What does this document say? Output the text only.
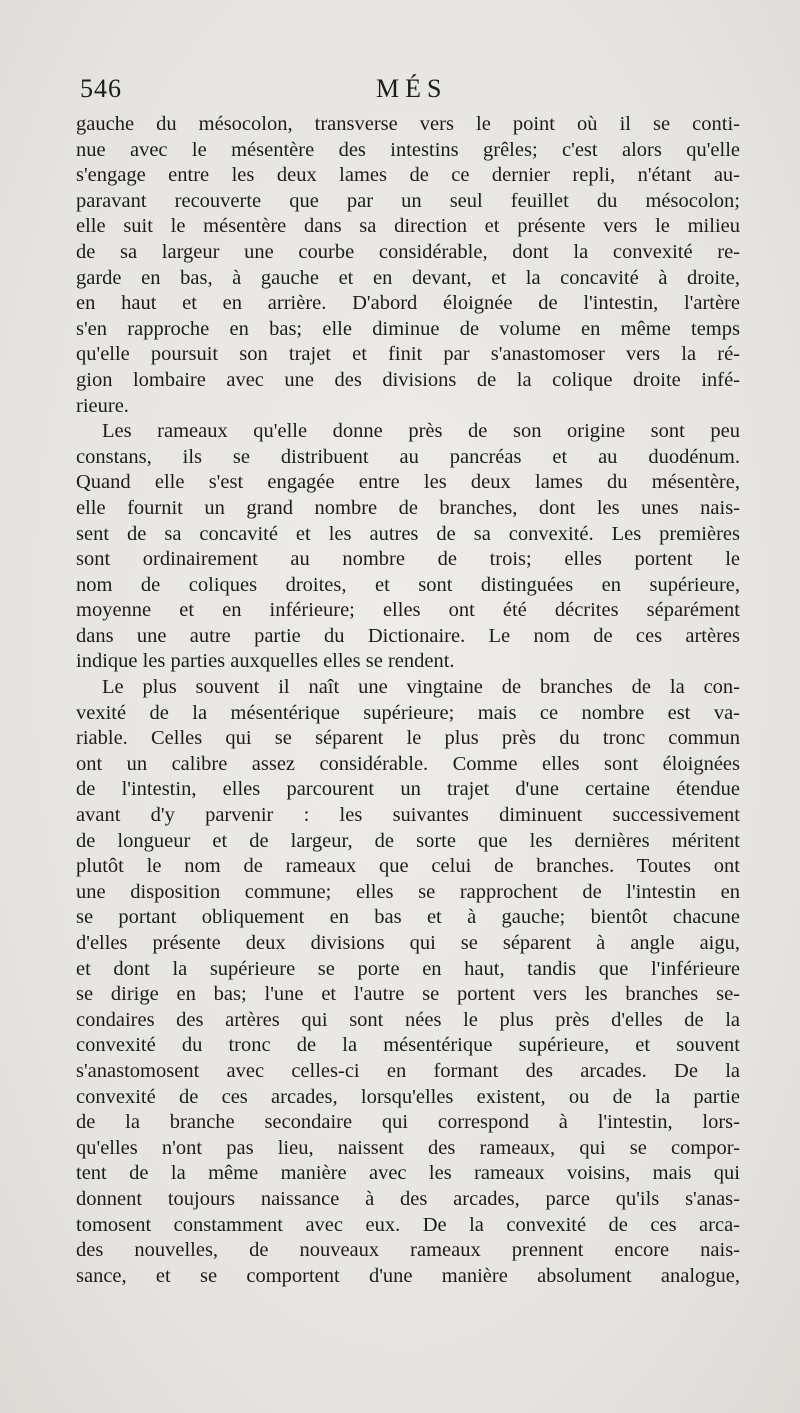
546	MÉS
gauche du mésocolon, transverse vers le point où il se conti-
nue avec le mésentère des intestins grêles; c'est alors qu'elle
s'engage entre les deux lames de ce dernier repli, n'étant au-
paravant recouverte que par un seul feuillet du mésocolon;
elle suit le mésentère dans sa direction et présente vers le milieu
de sa largeur une courbe considérable, dont la convexité re-
garde en bas, à gauche et en devant, et la concavité à droite,
en haut et en arrière. D'abord éloignée de l'intestin, l'artère
s'en rapproche en bas; elle diminue de volume en même temps
qu'elle poursuit son trajet et finit par s'anastomoser vers la ré-
gion lombaire avec une des divisions de la colique droite infé-
rieure.
Les rameaux qu'elle donne près de son origine sont peu
constans, ils se distribuent au pancréas et au duodénum.
Quand elle s'est engagée entre les deux lames du mésentère,
elle fournit un grand nombre de branches, dont les unes nais-
sent de sa concavité et les autres de sa convexité. Les premières
sont ordinairement au nombre de trois; elles portent le
nom de coliques droites, et sont distinguées en supérieure,
moyenne et en inférieure; elles ont été décrites séparément
dans une autre partie du Dictionaire. Le nom de ces artères
indique les parties auxquelles elles se rendent.
Le plus souvent il naît une vingtaine de branches de la con-
vexité de la mésentérique supérieure; mais ce nombre est va-
riable. Celles qui se séparent le plus près du tronc commun
ont un calibre assez considérable. Comme elles sont éloignées
de l'intestin, elles parcourent un trajet d'une certaine étendue
avant d'y parvenir : les suivantes diminuent successivement
de longueur et de largeur, de sorte que les dernières méritent
plutôt le nom de rameaux que celui de branches. Toutes ont
une disposition commune; elles se rapprochent de l'intestin en
se portant obliquement en bas et à gauche; bientôt chacune
d'elles présente deux divisions qui se séparent à angle aigu,
et dont la supérieure se porte en haut, tandis que l'inférieure
se dirige en bas; l'une et l'autre se portent vers les branches se-
condaires des artères qui sont nées le plus près d'elles de la
convexité du tronc de la mésentérique supérieure, et souvent
s'anastomosent avec celles-ci en formant des arcades. De la
convexité de ces arcades, lorsqu'elles existent, ou de la partie
de la branche secondaire qui correspond à l'intestin, lors-
qu'elles n'ont pas lieu, naissent des rameaux, qui se compor-
tent de la même manière avec les rameaux voisins, mais qui
donnent toujours naissance à des arcades, parce qu'ils s'anas-
tomosent constamment avec eux. De la convexité de ces arca-
des nouvelles, de nouveaux rameaux prennent encore nais-
sance, et se comportent d'une manière absolument analogue,
